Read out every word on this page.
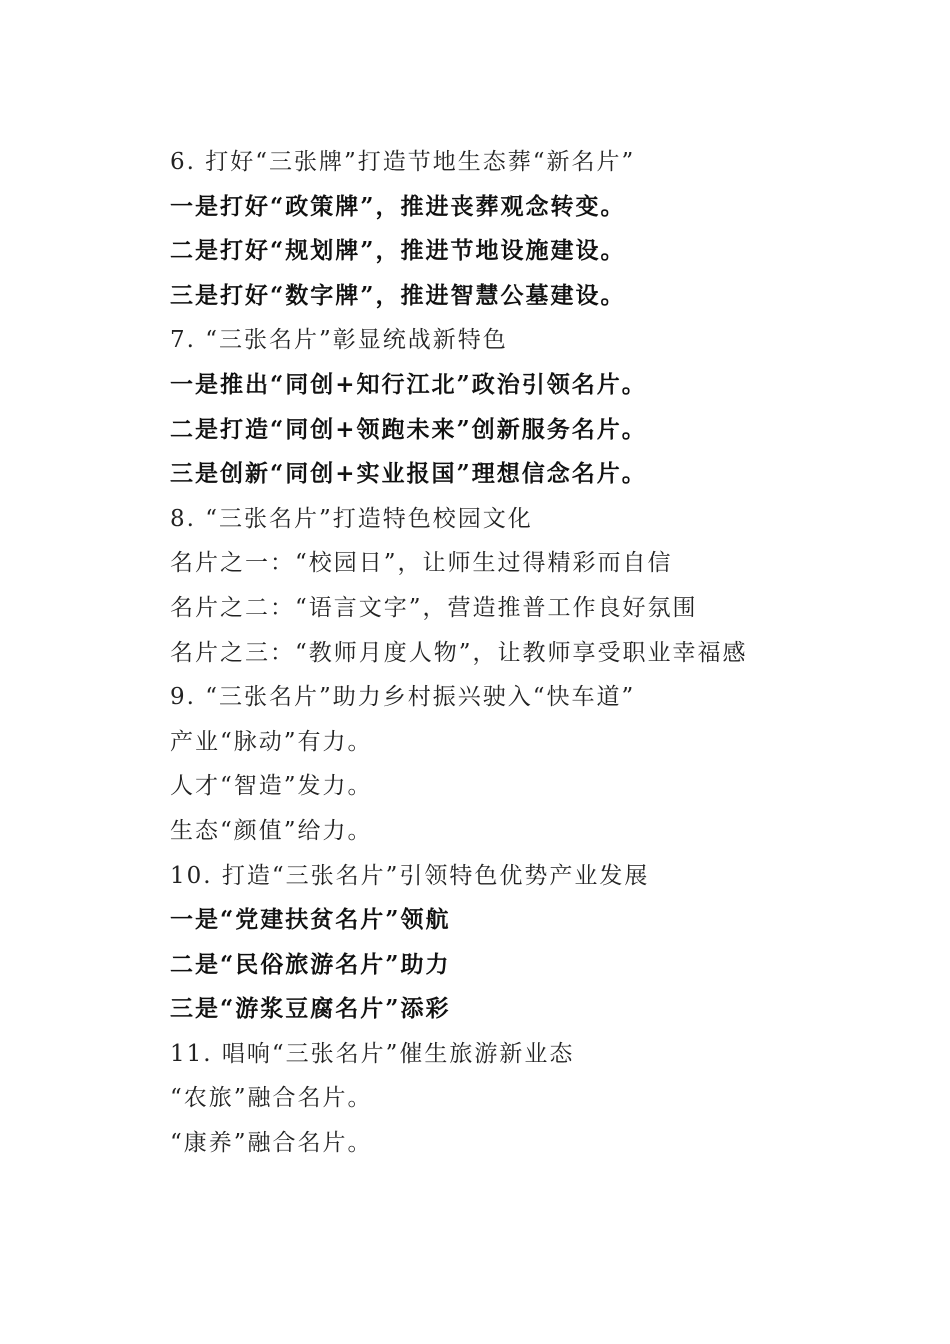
6. 打好“三张牌”打造节地生态葬“新名片”
一是打好“政策牌”，推进丧葬观念转变。
二是打好“规划牌”，推进节地设施建设。
三是打好“数字牌”，推进智慧公墓建设。
7. “三张名片”彰显统战新特色
一是推出“同创+知行江北”政治引领名片。
二是打造“同创+领跑未来”创新服务名片。
三是创新“同创+实业报国”理想信念名片。
8. “三张名片”打造特色校园文化
名片之一：“校园日”，让师生过得精彩而自信
名片之二：“语言文字”，营造推普工作良好氛围
名片之三：“教师月度人物”，让教师享受职业幸福感
9. “三张名片”助力乡村振兴驶入“快车道”
产业“脉动”有力。
人才“智造”发力。
生态“颜值”给力。
10. 打造“三张名片”引领特色优势产业发展
一是“党建扶贫名片”领航
二是“民俗旅游名片”助力
三是“游浆豆腐名片”添彩
11. 唱响“三张名片”催生旅游新业态
“农旅”融合名片。
“康养”融合名片。
